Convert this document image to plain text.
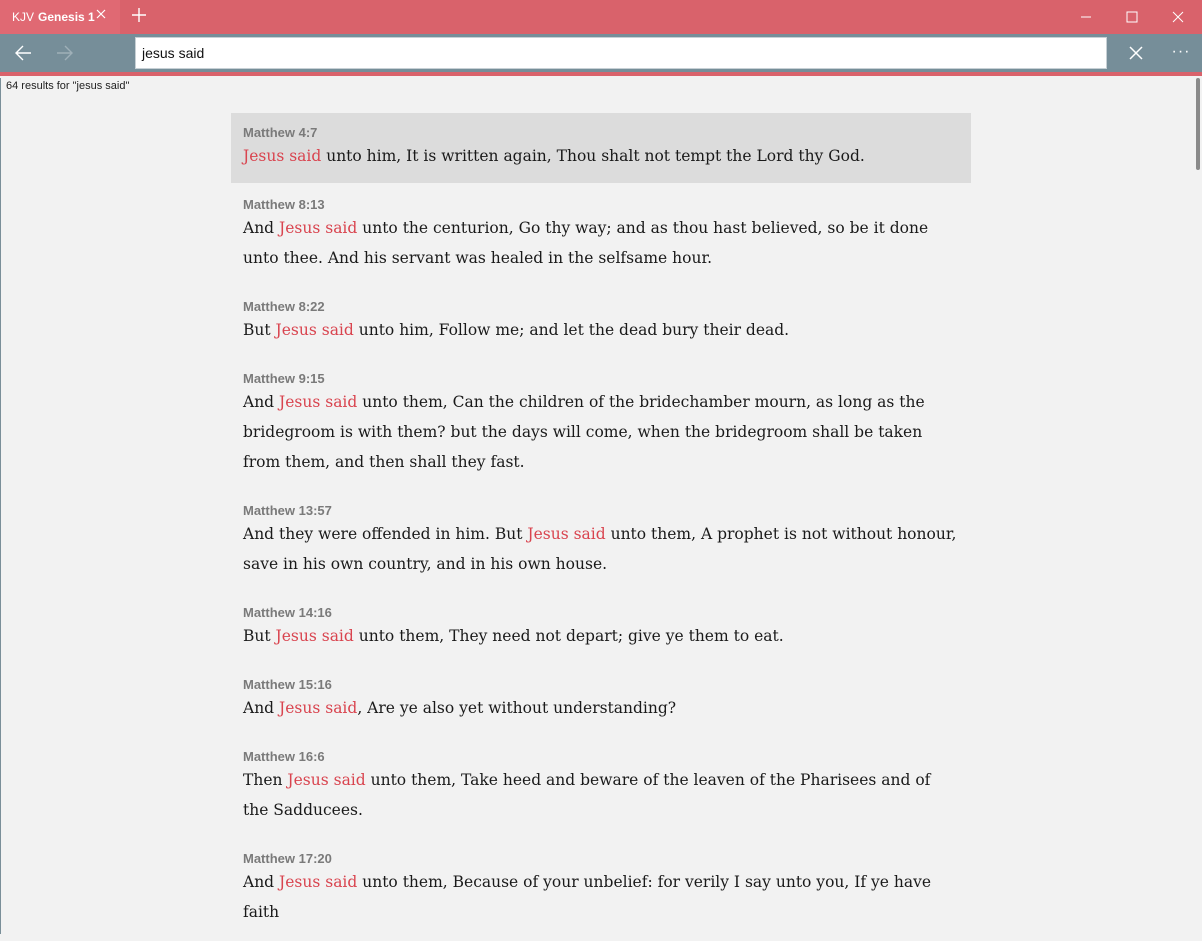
KJV Genesis 1
jesus said	···
64 results for "jesus said"
Matthew 4:7
Jesus said unto him, It is written again, Thou shalt not tempt the Lord thy God.
Matthew 8:13
And Jesus said unto the centurion, Go thy way; and as thou hast believed, so be it done unto thee. And his servant was healed in the selfsame hour.
Matthew 8:22
But Jesus said unto him, Follow me; and let the dead bury their dead.
Matthew 9:15
And Jesus said unto them, Can the children of the bridechamber mourn, as long as the bridegroom is with them? but the days will come, when the bridegroom shall be taken from them, and then shall they fast.
Matthew 13:57
And they were offended in him. But Jesus said unto them, A prophet is not without honour, save in his own country, and in his own house.
Matthew 14:16
But Jesus said unto them, They need not depart; give ye them to eat.
Matthew 15:16
And Jesus said, Are ye also yet without understanding?
Matthew 16:6
Then Jesus said unto them, Take heed and beware of the leaven of the Pharisees and of the Sadducees.
Matthew 17:20
And Jesus said unto them, Because of your unbelief: for verily I say unto you, If ye have faith
